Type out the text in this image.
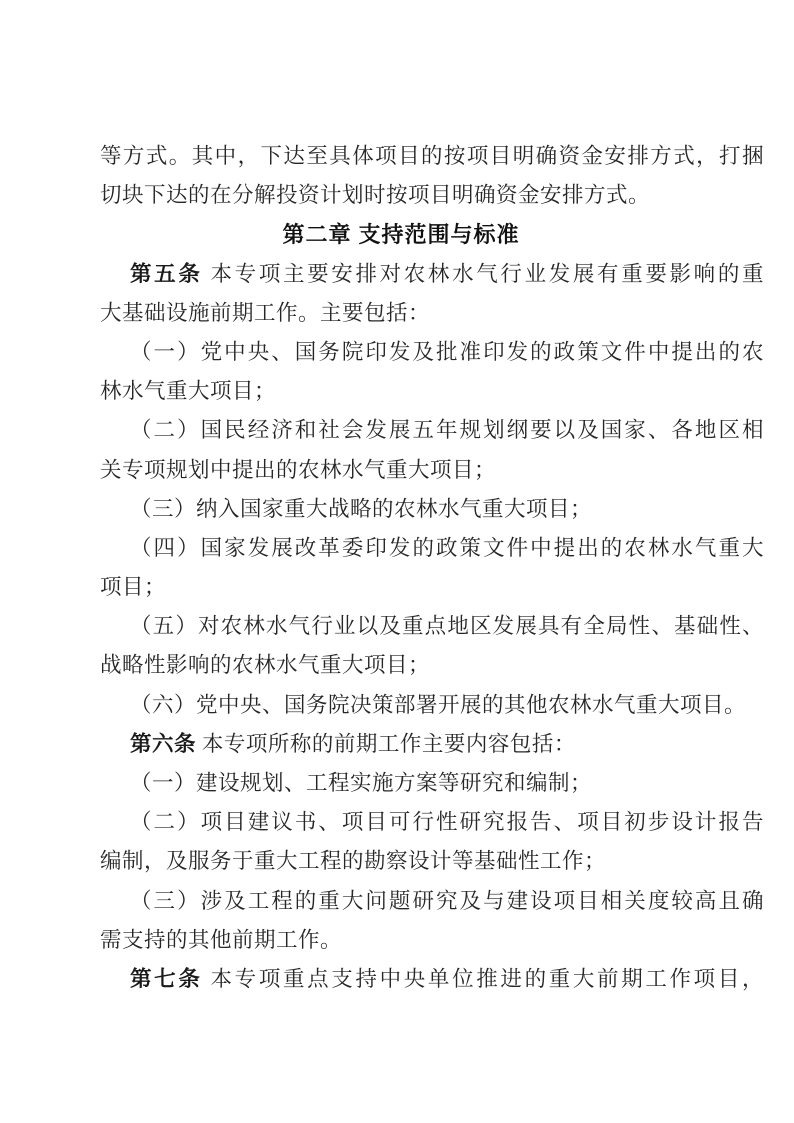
等方式。其中，下达至具体项目的按项目明确资金安排方式，打捆
切块下达的在分解投资计划时按项目明确资金安排方式。
第二章 支持范围与标准
第五条 本专项主要安排对农林水气行业发展有重要影响的重
大基础设施前期工作。主要包括：
（一）党中央、国务院印发及批准印发的政策文件中提出的农
林水气重大项目；
（二）国民经济和社会发展五年规划纲要以及国家、各地区相
关专项规划中提出的农林水气重大项目；
（三）纳入国家重大战略的农林水气重大项目；
（四）国家发展改革委印发的政策文件中提出的农林水气重大
项目；
（五）对农林水气行业以及重点地区发展具有全局性、基础性、
战略性影响的农林水气重大项目；
（六）党中央、国务院决策部署开展的其他农林水气重大项目。
第六条 本专项所称的前期工作主要内容包括：
（一）建设规划、工程实施方案等研究和编制；
（二）项目建议书、项目可行性研究报告、项目初步设计报告
编制，及服务于重大工程的勘察设计等基础性工作；
（三）涉及工程的重大问题研究及与建设项目相关度较高且确
需支持的其他前期工作。
第七条 本专项重点支持中央单位推进的重大前期工作项目，
